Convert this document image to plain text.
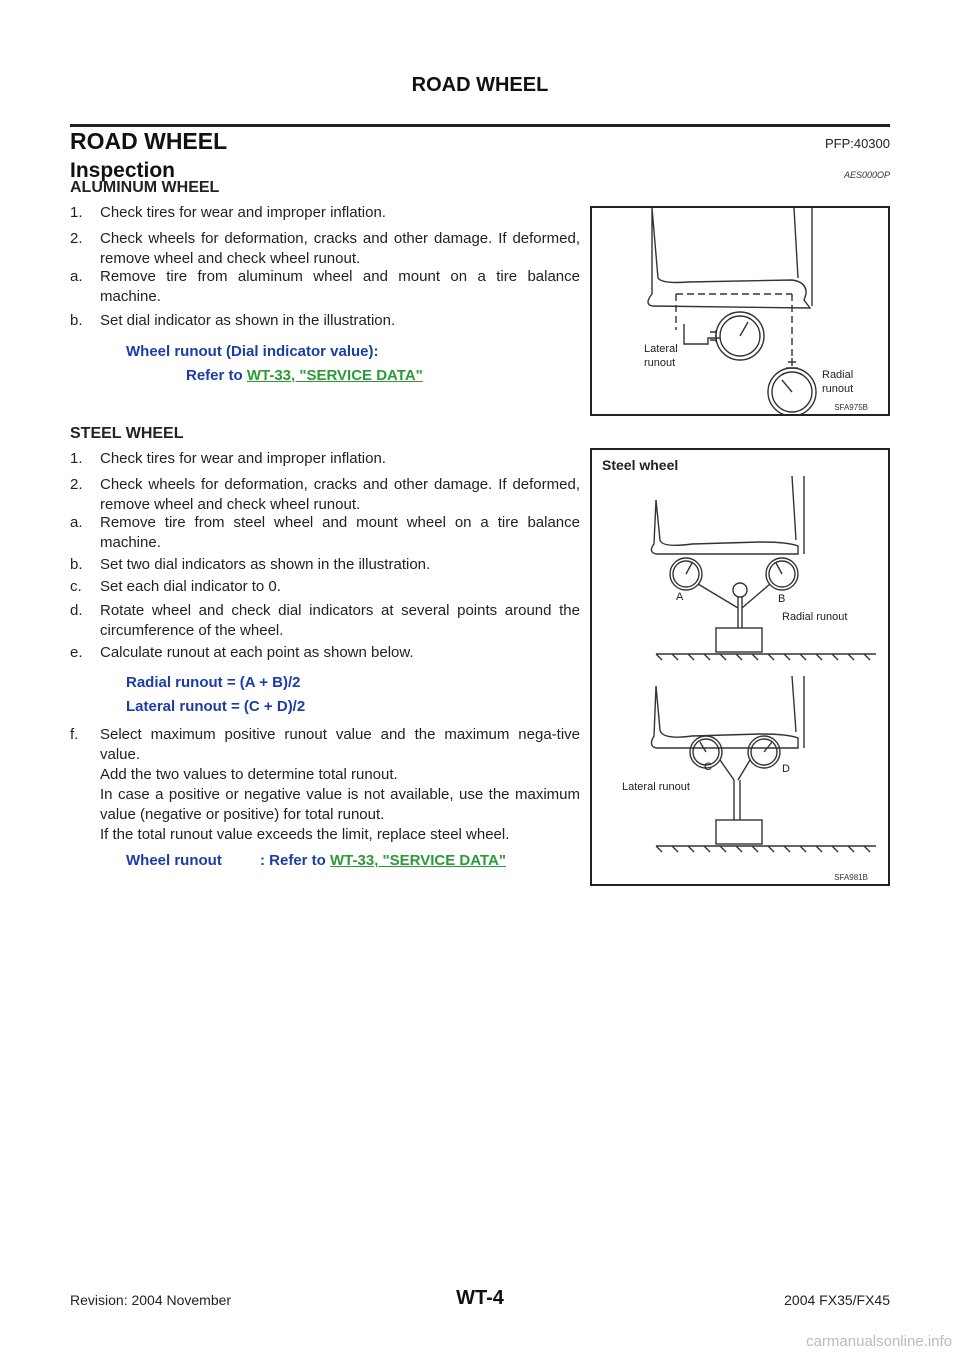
ROAD WHEEL
ROAD WHEEL	PFP:40300
Inspection	AES000OP
ALUMINUM WHEEL
1. Check tires for wear and improper inflation.
2. Check wheels for deformation, cracks and other damage. If deformed, remove wheel and check wheel runout.
a. Remove tire from aluminum wheel and mount on a tire balance machine.
b. Set dial indicator as shown in the illustration.
Wheel runout (Dial indicator value):
Refer to WT-33, "SERVICE DATA"
Lateral
runout
Radial
runout
SFA975B
STEEL WHEEL
1. Check tires for wear and improper inflation.
2. Check wheels for deformation, cracks and other damage. If deformed, remove wheel and check wheel runout.
a. Remove tire from steel wheel and mount wheel on a tire balance machine.
b. Set two dial indicators as shown in the illustration.
c. Set each dial indicator to 0.
d. Rotate wheel and check dial indicators at several points around the circumference of the wheel.
e. Calculate runout at each point as shown below.
Radial runout = (A + B)/2
Lateral runout = (C + D)/2
f. Select maximum positive runout value and the maximum nega-tive value.
Add the two values to determine total runout.
In case a positive or negative value is not available, use the maximum value (negative or positive) for total runout.
If the total runout value exceeds the limit, replace steel wheel.
Wheel runout	: Refer to WT-33, "SERVICE DATA"
Steel wheel
A	B
Radial runout
C	D
Lateral runout
SFA981B
Revision: 2004 November	WT-4	2004 FX35/FX45
carmanualsonline.info
